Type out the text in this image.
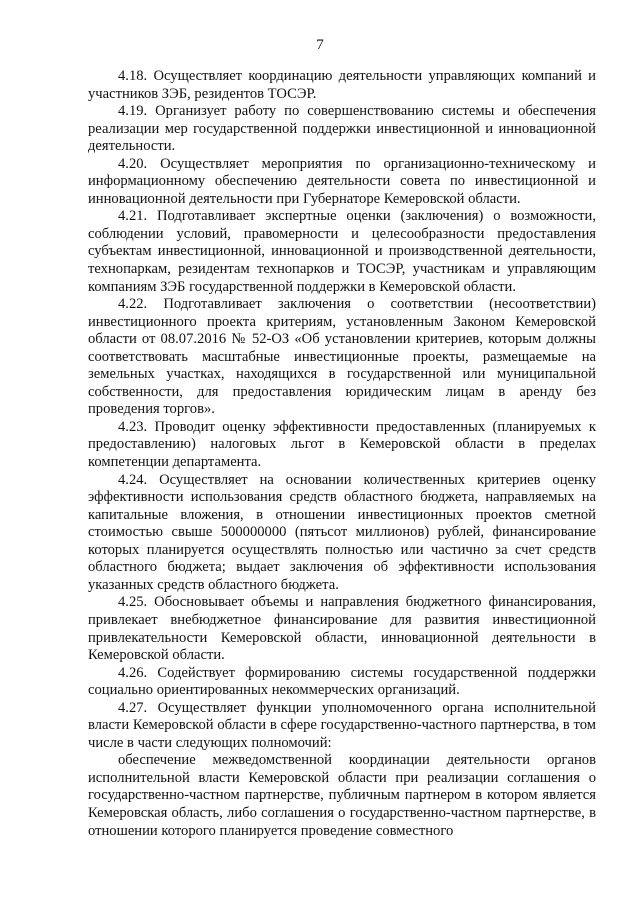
7

4.18. Осуществляет координацию деятельности управляющих компаний и участников ЗЭБ, резидентов ТОСЭР.

4.19. Организует работу по совершенствованию системы и обеспечения реализации мер государственной поддержки инвестиционной и инновационной деятельности.

4.20. Осуществляет мероприятия по организационно-техническому и информационному обеспечению деятельности совета по инвестиционной и инновационной деятельности при Губернаторе Кемеровской области.

4.21. Подготавливает экспертные оценки (заключения) о возможности, соблюдении условий, правомерности и целесообразности предоставления субъектам инвестиционной, инновационной и производственной деятельности, технопаркам, резидентам технопарков и ТОСЭР, участникам и управляющим компаниям ЗЭБ государственной поддержки в Кемеровской области.

4.22. Подготавливает заключения о соответствии (несоответствии) инвестиционного проекта критериям, установленным Законом Кемеровской области от 08.07.2016 № 52-ОЗ «Об установлении критериев, которым должны соответствовать масштабные инвестиционные проекты, размещаемые на земельных участках, находящихся в государственной или муниципальной собственности, для предоставления юридическим лицам в аренду без проведения торгов».

4.23. Проводит оценку эффективности предоставленных (планируемых к предоставлению) налоговых льгот в Кемеровской области в пределах компетенции департамента.

4.24. Осуществляет на основании количественных критериев оценку эффективности использования средств областного бюджета, направляемых на капитальные вложения, в отношении инвестиционных проектов сметной стоимостью свыше 500000000 (пятьсот миллионов) рублей, финансирование которых планируется осуществлять полностью или частично за счет средств областного бюджета; выдает заключения об эффективности использования указанных средств областного бюджета.

4.25. Обосновывает объемы и направления бюджетного финансирования, привлекает внебюджетное финансирование для развития инвестиционной привлекательности Кемеровской области, инновационной деятельности в Кемеровской области.

4.26. Содействует формированию системы государственной поддержки социально ориентированных некоммерческих организаций.

4.27. Осуществляет функции уполномоченного органа исполнительной власти Кемеровской области в сфере государственно-частного партнерства, в том числе в части следующих полномочий:

обеспечение межведомственной координации деятельности органов исполнительной власти Кемеровской области при реализации соглашения о государственно-частном партнерстве, публичным партнером в котором является Кемеровская область, либо соглашения о государственно-частном партнерстве, в отношении которого планируется проведение совместного
